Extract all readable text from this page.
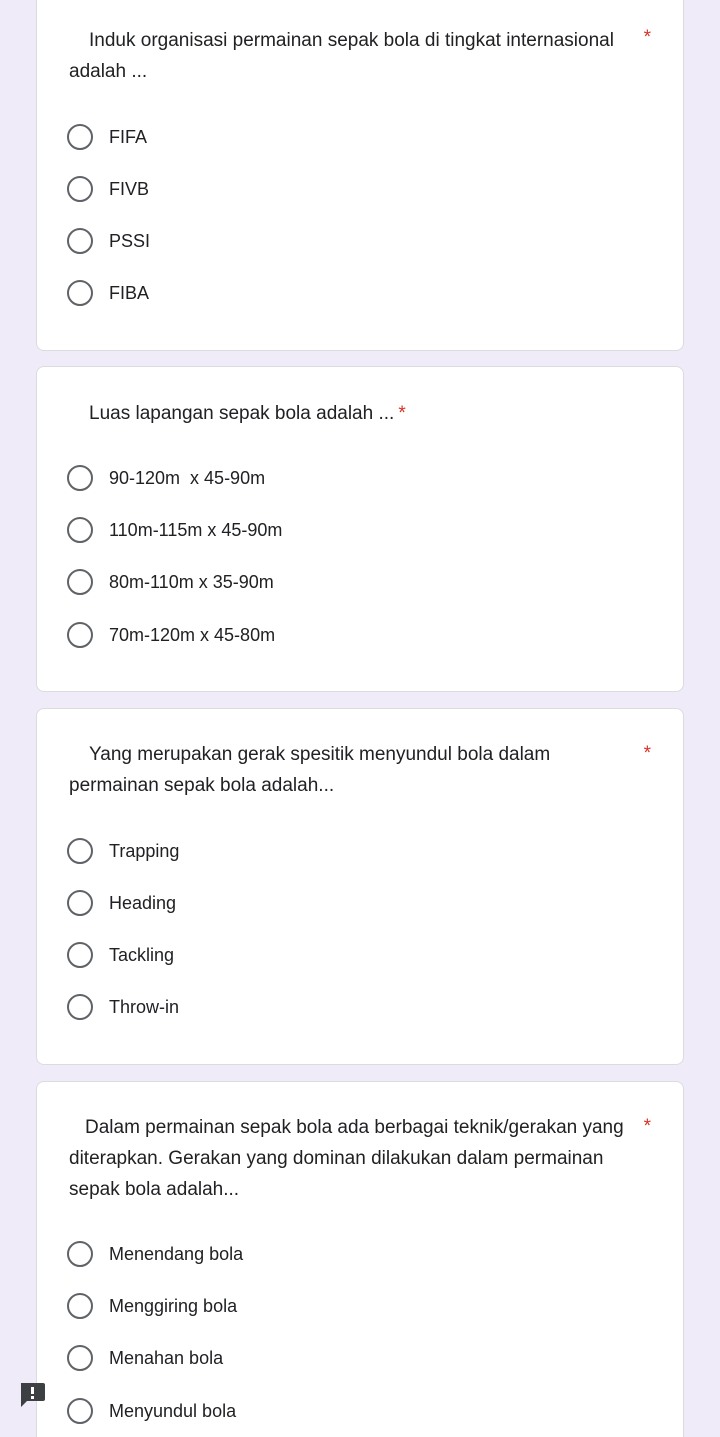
Induk organisasi permainan sepak bola di tingkat internasional adalah ...
*
FIFA
FIVB
PSSI
FIBA
Luas lapangan sepak bola adalah ... *
90-120m  x 45-90m
110m-115m x 45-90m
80m-110m x 35-90m
70m-120m x 45-80m
Yang merupakan gerak spesitik menyundul bola dalam permainan sepak bola adalah...
*
Trapping
Heading
Tackling
Throw-in
Dalam permainan sepak bola ada berbagai teknik/gerakan yang diterapkan. Gerakan yang dominan dilakukan dalam permainan sepak bola adalah...
*
Menendang bola
Menggiring bola
Menahan bola
Menyundul bola
